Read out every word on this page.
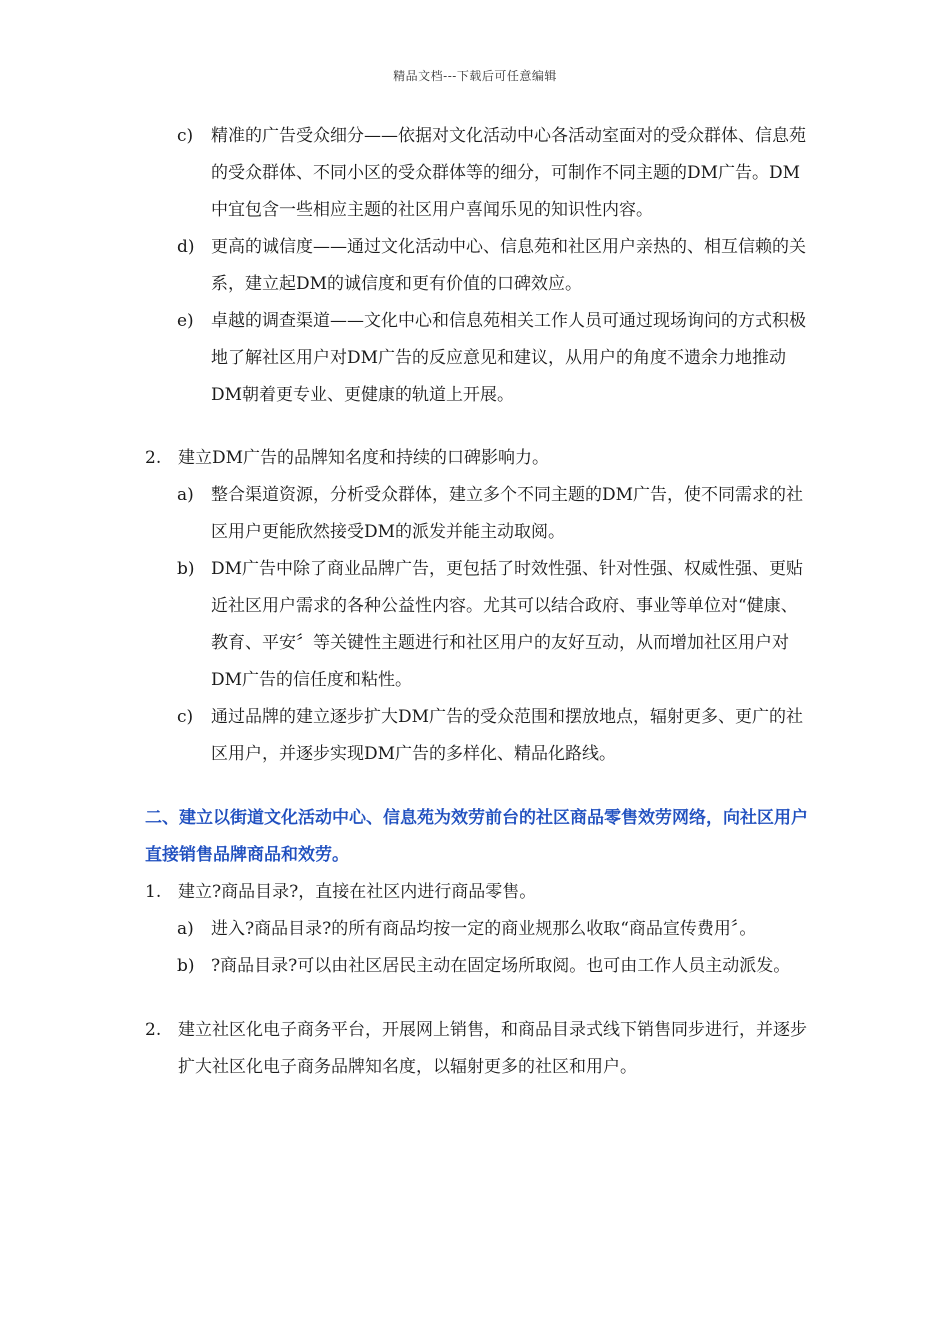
精品文档---下载后可任意编辑
c) 精准的广告受众细分——依据对文化活动中心各活动室面对的受众群体、信息苑的受众群体、不同小区的受众群体等的细分，可制作不同主题的DM广告。DM中宜包含一些相应主题的社区用户喜闻乐见的知识性内容。
d) 更高的诚信度——通过文化活动中心、信息苑和社区用户亲热的、相互信赖的关系，建立起DM的诚信度和更有价值的口碑效应。
e) 卓越的调查渠道——文化中心和信息苑相关工作人员可通过现场询问的方式积极地了解社区用户对DM广告的反应意见和建议，从用户的角度不遗余力地推动DM朝着更专业、更健康的轨道上开展。
2. 建立DM广告的品牌知名度和持续的口碑影响力。
a) 整合渠道资源，分析受众群体，建立多个不同主题的DM广告，使不同需求的社区用户更能欣然接受DM的派发并能主动取阅。
b) DM广告中除了商业品牌广告，更包括了时效性强、针对性强、权威性强、更贴近社区用户需求的各种公益性内容。尤其可以结合政府、事业等单位对“健康、教育、平安〞等关键性主题进行和社区用户的友好互动，从而增加社区用户对DM广告的信任度和粘性。
c) 通过品牌的建立逐步扩大DM广告的受众范围和摆放地点，辐射更多、更广的社区用户，并逐步实现DM广告的多样化、精品化路线。
二、建立以街道文化活动中心、信息苑为效劳前台的社区商品零售效劳网络，向社区用户直接销售品牌商品和效劳。
1. 建立?商品目录?，直接在社区内进行商品零售。
a) 进入?商品目录?的所有商品均按一定的商业规那么收取“商品宣传费用〞。
b) ?商品目录?可以由社区居民主动在固定场所取阅。也可由工作人员主动派发。
2. 建立社区化电子商务平台，开展网上销售，和商品目录式线下销售同步进行，并逐步扩大社区化电子商务品牌知名度，以辐射更多的社区和用户。
